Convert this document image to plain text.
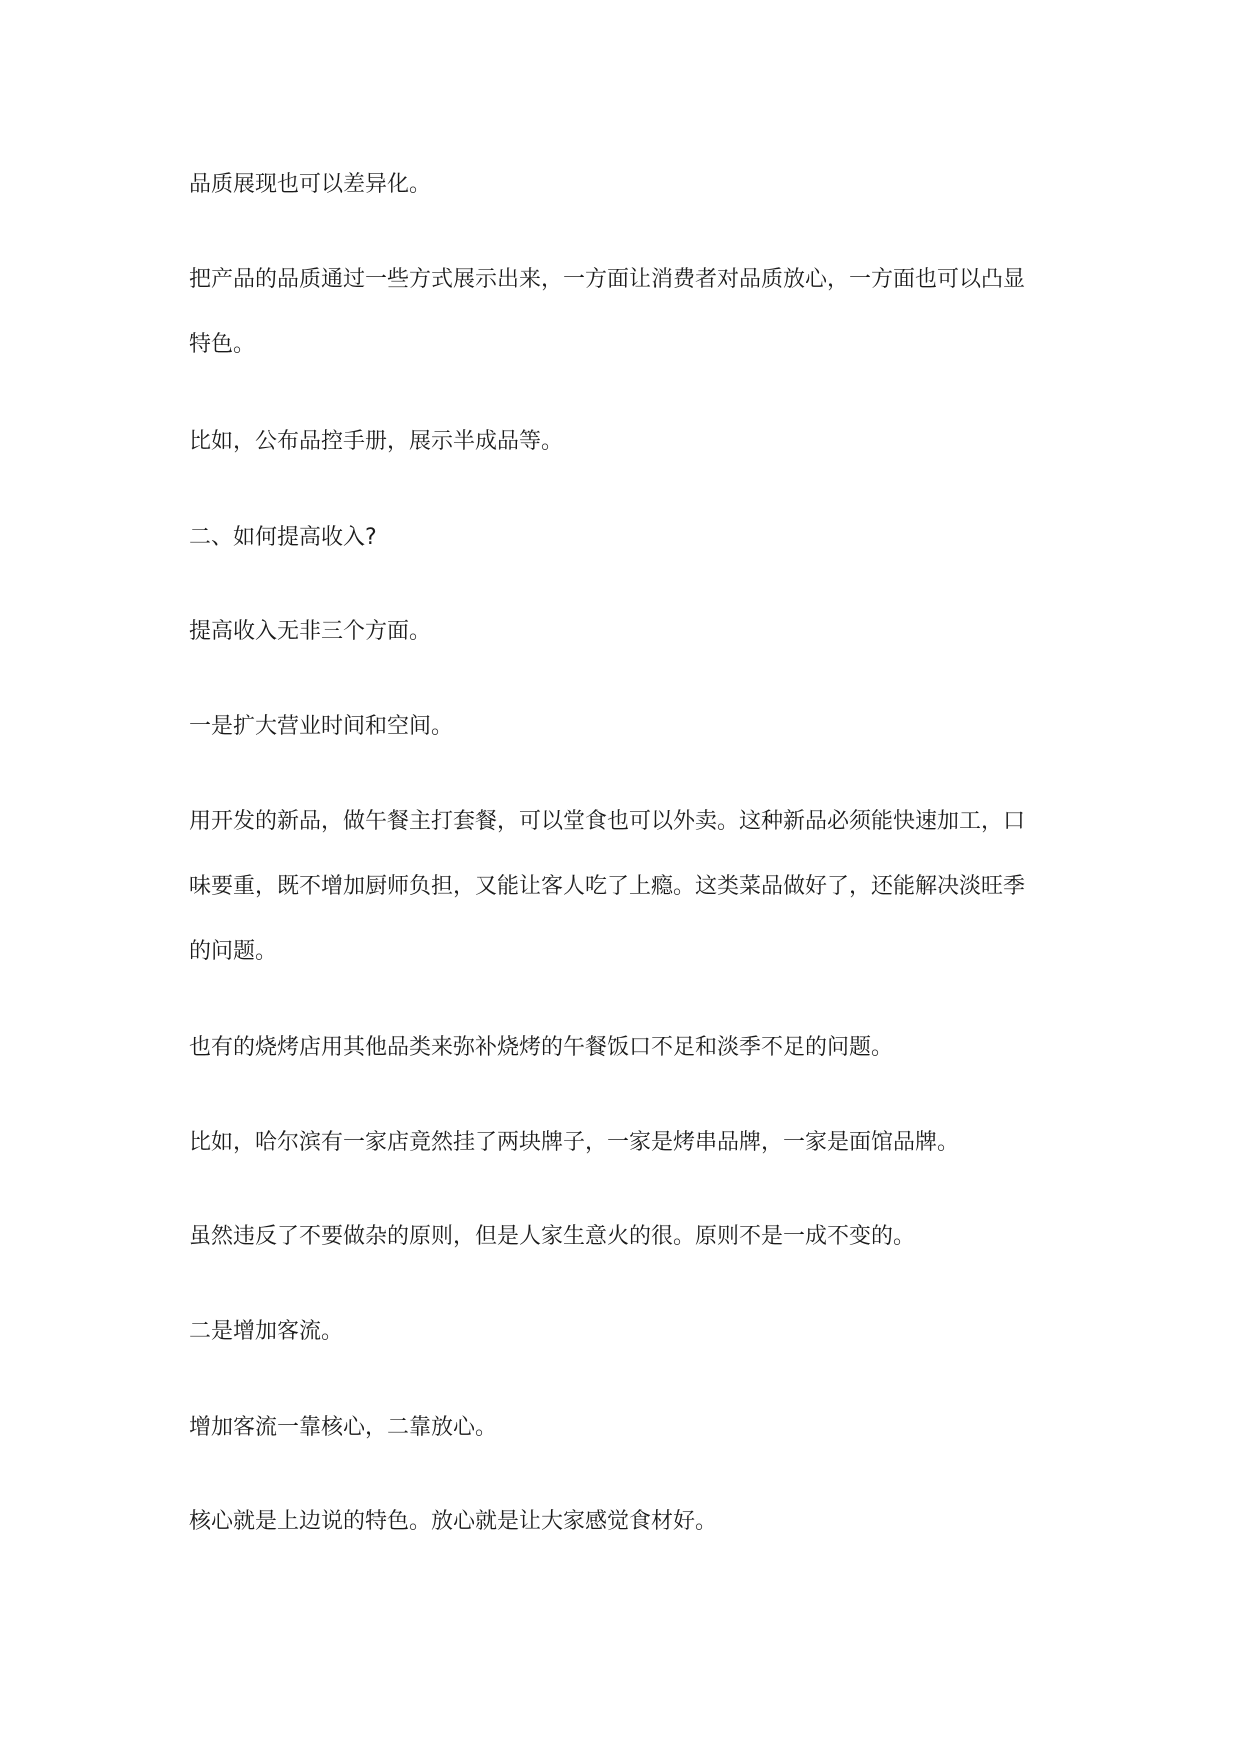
品质展现也可以差异化。
把产品的品质通过一些方式展示出来，一方面让消费者对品质放心，一方面也可以凸显
特色。
比如，公布品控手册，展示半成品等。
二、如何提高收入?
提高收入无非三个方面。
一是扩大营业时间和空间。
用开发的新品，做午餐主打套餐，可以堂食也可以外卖。这种新品必须能快速加工，口
味要重，既不增加厨师负担，又能让客人吃了上瘾。这类菜品做好了，还能解决淡旺季
的问题。
也有的烧烤店用其他品类来弥补烧烤的午餐饭口不足和淡季不足的问题。
比如，哈尔滨有一家店竟然挂了两块牌子，一家是烤串品牌，一家是面馆品牌。
虽然违反了不要做杂的原则，但是人家生意火的很。原则不是一成不变的。
二是增加客流。
增加客流一靠核心，二靠放心。
核心就是上边说的特色。放心就是让大家感觉食材好。
